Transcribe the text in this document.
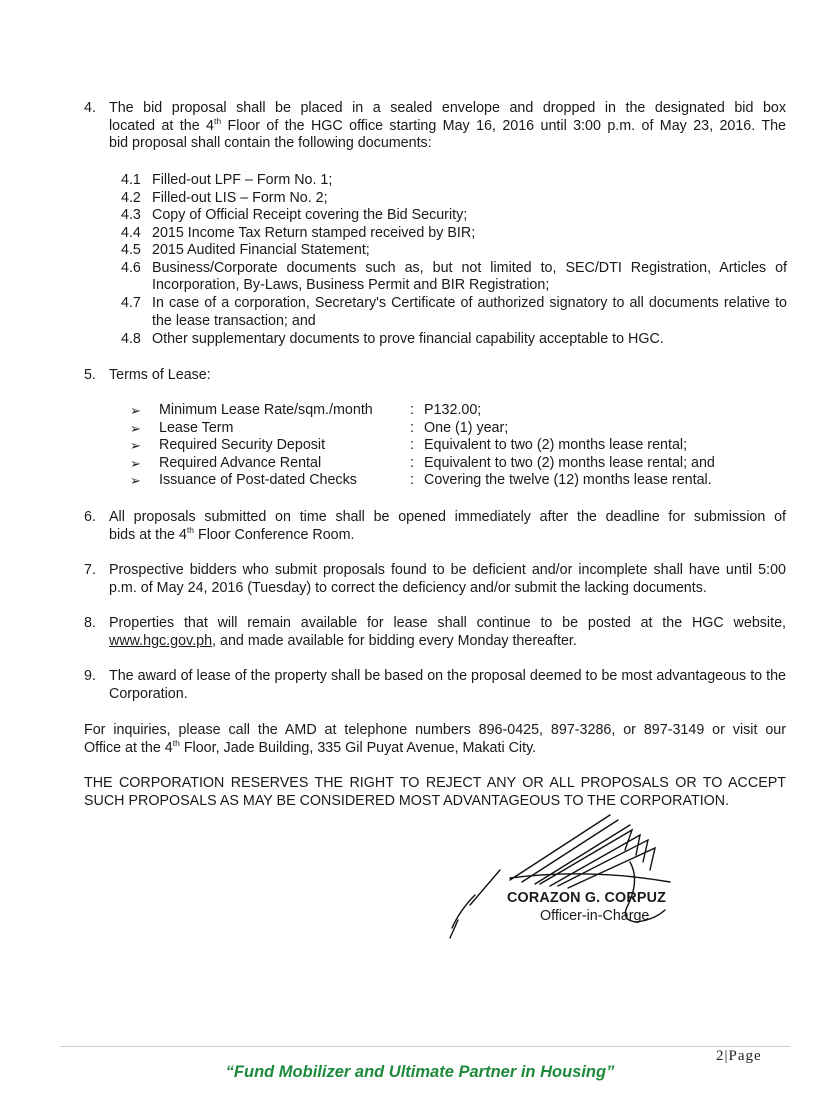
4. The bid proposal shall be placed in a sealed envelope and dropped in the designated bid box
located at the 4th Floor of the HGC office starting May 16, 2016 until 3:00 p.m. of May 23, 2016. The
bid proposal shall contain the following documents:
4.1 Filled-out LPF – Form No. 1;
4.2 Filled-out LIS – Form No. 2;
4.3 Copy of Official Receipt covering the Bid Security;
4.4 2015 Income Tax Return stamped received by BIR;
4.5 2015 Audited Financial Statement;
4.6 Business/Corporate documents such as, but not limited to, SEC/DTI Registration, Articles of Incorporation, By-Laws, Business Permit and BIR Registration;
4.7 In case of a corporation, Secretary's Certificate of authorized signatory to all documents relative to the lease transaction; and
4.8 Other supplementary documents to prove financial capability acceptable to HGC.
5. Terms of Lease:
➢ Minimum Lease Rate/sqm./month	: P132.00;
➢ Lease Term	: One (1) year;
➢ Required Security Deposit	: Equivalent to two (2) months lease rental;
➢ Required Advance Rental	: Equivalent to two (2) months lease rental; and
➢ Issuance of Post-dated Checks	: Covering the twelve (12) months lease rental.
6. All proposals submitted on time shall be opened immediately after the deadline for submission of
bids at the 4th Floor Conference Room.
7. Prospective bidders who submit proposals found to be deficient and/or incomplete shall have until 5:00 p.m. of May 24, 2016 (Tuesday) to correct the deficiency and/or submit the lacking documents.
8. Properties that will remain available for lease shall continue to be posted at the HGC website,
www.hgc.gov.ph, and made available for bidding every Monday thereafter.
9. The award of lease of the property shall be based on the proposal deemed to be most advantageous to the Corporation.
For inquiries, please call the AMD at telephone numbers 896-0425, 897-3286, or 897-3149 or visit our
Office at the 4th Floor, Jade Building, 335 Gil Puyat Avenue, Makati City.
THE CORPORATION RESERVES THE RIGHT TO REJECT ANY OR ALL PROPOSALS OR TO ACCEPT SUCH PROPOSALS AS MAY BE CONSIDERED MOST ADVANTAGEOUS TO THE CORPORATION.
CORAZON G. CORPUZ
Officer-in-Charge
2|Page
“Fund Mobilizer and Ultimate Partner in Housing”
